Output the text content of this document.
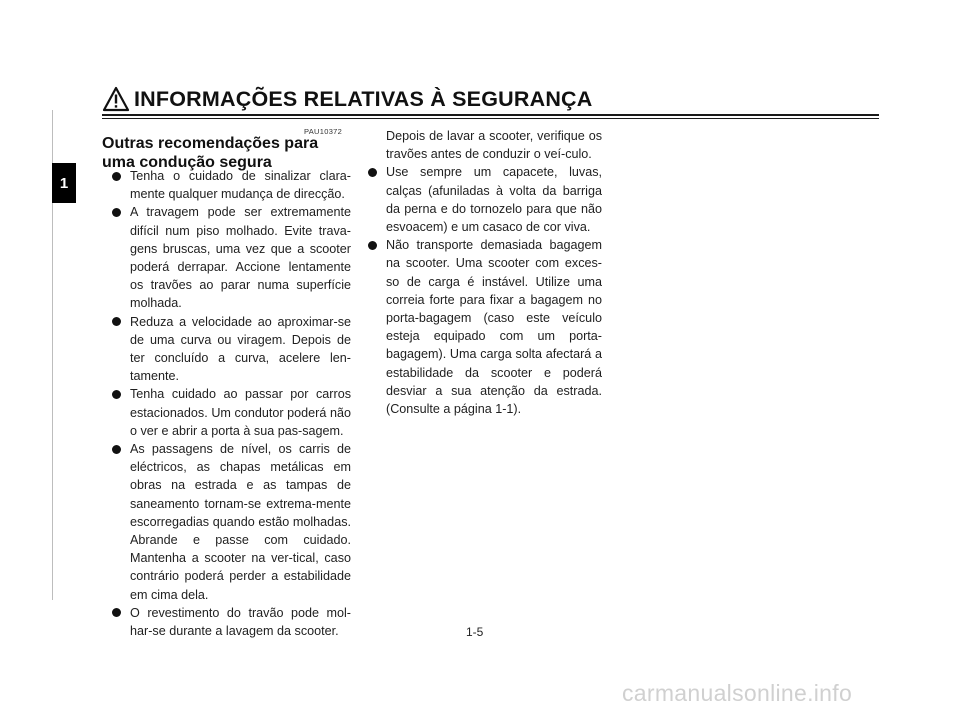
INFORMAÇÕES RELATIVAS À SEGURANÇA
1
PAU10372
Outras recomendações para uma condução segura

Tenha o cuidado de sinalizar clara-mente qualquer mudança de direcção.

A travagem pode ser extremamente difícil num piso molhado. Evite trava-gens bruscas, uma vez que a scooter poderá derrapar. Accione lentamente os travões ao parar numa superfície molhada.

Reduza a velocidade ao aproximar-se de uma curva ou viragem. Depois de ter concluído a curva, acelere len-tamente.

Tenha cuidado ao passar por carros estacionados. Um condutor poderá não o ver e abrir a porta à sua pas-sagem.

As passagens de nível, os carris de eléctricos, as chapas metálicas em obras na estrada e as tampas de saneamento tornam-se extrema-mente escorregadias quando estão molhadas. Abrande e passe com cuidado. Mantenha a scooter na ver-tical, caso contrário poderá perder a estabilidade em cima dela.

O revestimento do travão pode mol-har-se durante a lavagem da scooter.

Depois de lavar a scooter, verifique os travões antes de conduzir o veí-culo.

Use sempre um capacete, luvas, calças (afuniladas à volta da barriga da perna e do tornozelo para que não esvoacem) e um casaco de cor viva.

Não transporte demasiada bagagem na scooter. Uma scooter com exces-so de carga é instável. Utilize uma correia forte para fixar a bagagem no porta-bagagem (caso este veículo esteja equipado com um porta-bagagem). Uma carga solta afectará a estabilidade da scooter e poderá desviar a sua atenção da estrada. (Consulte a página 1-1).

1-5
carmanualsonline.info
